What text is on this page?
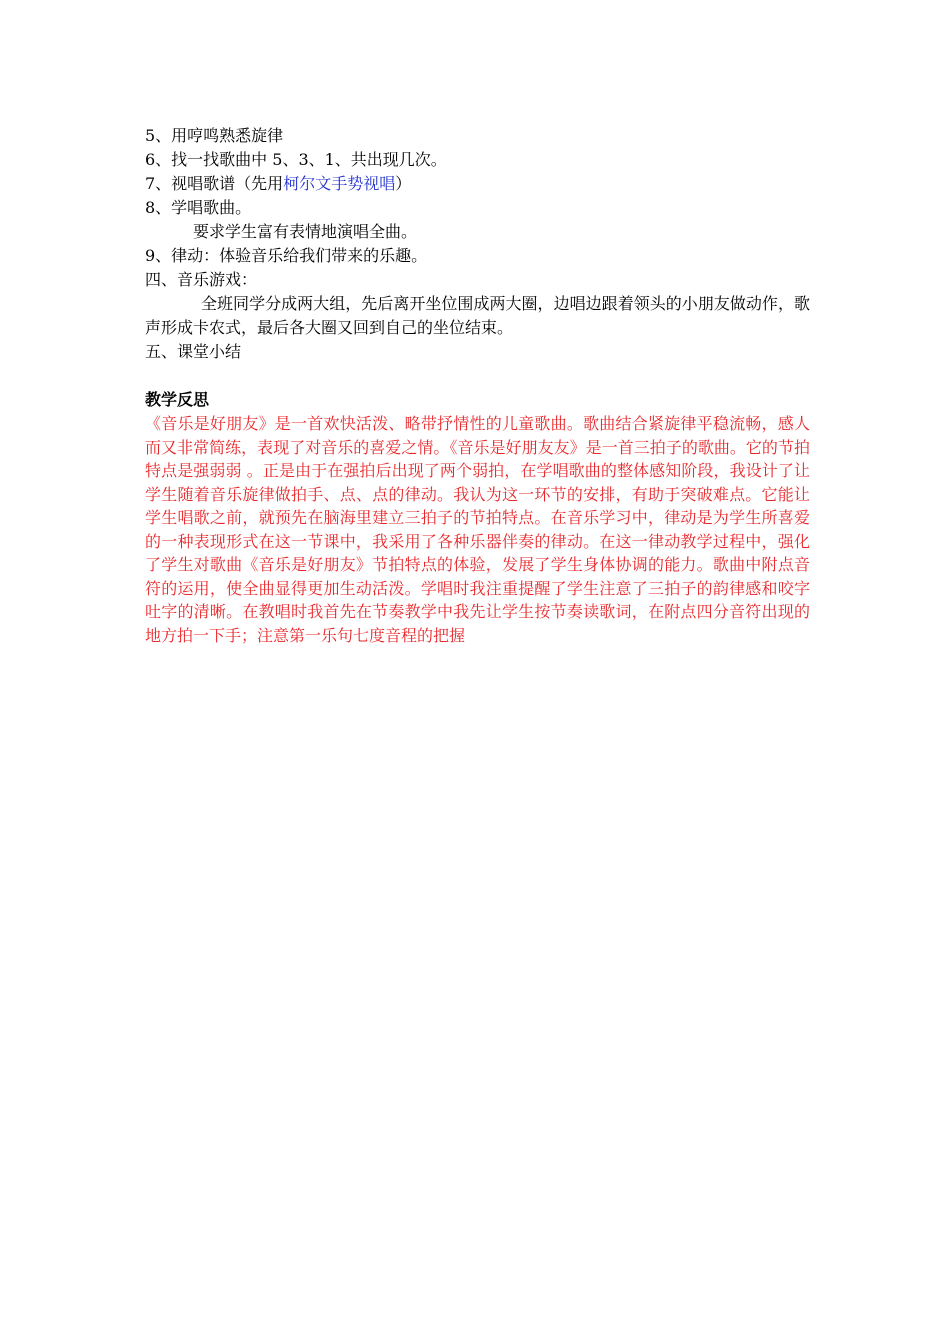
5、用哼鸣熟悉旋律
6、找一找歌曲中 5、3、1、共出现几次。
7、视唱歌谱（先用柯尔文手势视唱）
8、学唱歌曲。
要求学生富有表情地演唱全曲。
9、律动：体验音乐给我们带来的乐趣。
四、音乐游戏：
全班同学分成两大组，先后离开坐位围成两大圈，边唱边跟着领头的小朋友做动作，歌声形成卡农式，最后各大圈又回到自己的坐位结束。
五、课堂小结
教学反思
《音乐是好朋友》是一首欢快活泼、略带抒情性的儿童歌曲。歌曲结合紧旋律平稳流畅，感人而又非常简练，表现了对音乐的喜爱之情。《音乐是好朋友友》是一首三拍子的歌曲。它的节拍特点是强弱弱 。正是由于在强拍后出现了两个弱拍，在学唱歌曲的整体感知阶段，我设计了让学生随着音乐旋律做拍手、点、点的律动。我认为这一环节的安排，有助于突破难点。它能让学生唱歌之前，就预先在脑海里建立三拍子的节拍特点。在音乐学习中，律动是为学生所喜爱的一种表现形式在这一节课中，我采用了各种乐器伴奏的律动。在这一律动教学过程中，强化了学生对歌曲《音乐是好朋友》节拍特点的体验，发展了学生身体协调的能力。歌曲中附点音符的运用，使全曲显得更加生动活泼。学唱时我注重提醒了学生注意了三拍子的韵律感和咬字吐字的清晰。在教唱时我首先在节奏教学中我先让学生按节奏读歌词，在附点四分音符出现的地方拍一下手；注意第一乐句七度音程的把握
